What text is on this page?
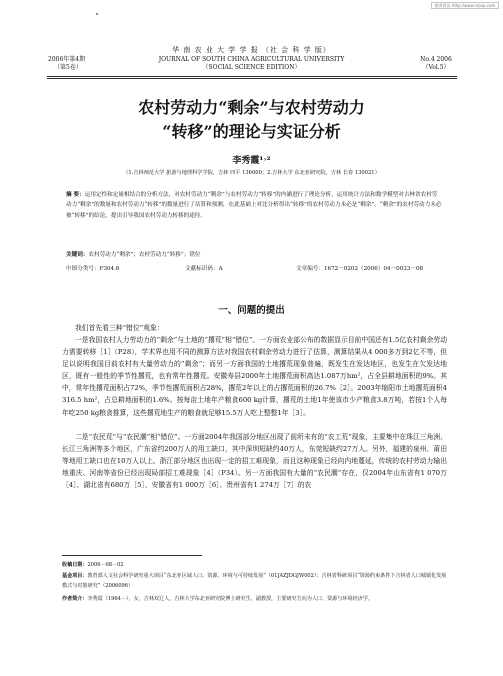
维普资讯 http://www.cqvip.com
华 南 农 业 大 学 学 报 （社 会 科 学 版）
2006年第4期
（第5卷）
JOURNAL OF SOUTH CHINA AGRICULTURAL UNIVERSITY
（SOCIAL SCIENCE EDITION）
No.4 2006
（Vol.5）
农村劳动力“剩余”与农村劳动力
“转移”的理论与实证分析
李秀霞¹˒²
（1.吉林师范大学 旅游与地理科学学院，吉林 四平 136000；2.吉林大学 东北亚研究院，吉林 长春 130021）
摘 要：运用定性和定量相结合的分析方法，对农村劳动力“剩余”与农村劳动力“转移”的内涵进行了理论分析，运用统计方法和数学模型对吉林省农村劳动力“剩余”的数量和农村劳动力“转移”的数量进行了估算和预测，在此基础上对比分析得出“转移”的农村劳动力未必是“剩余”，“剩余”的农村劳动力未必被“转移”的结论，提出引导我国农村劳动力转移的途径。
关键词：农村劳动力“剩余”；农村劳动力“转移”；错位
中图分类号：F304.6	文献标识码：A	文章编号：1672－0202（2006）04－0033－08
一、问题的提出
我们首先看三种“错位”观象：
一是我国农村人力劳动力的“剩余”与土地的“撂荒”相“错位”。一方面农业部公布的数据显示目前中国还有1.5亿农村剩余劳动力需要转移［1］（P28），学术界也用不同的测算方法对我国农村剩余劳动力进行了估算，测算结果从4 000多万到2亿不等，但足以说明我国目前农村有大量劳动力的“剩余”；而另一方面我国的土地撂荒现象普遍，既发生在发达地区，也发生在欠发达地区，既有一般性的季节性撂荒，也有常年性撂荒。安徽寿县2000年土地撂荒面积高达1.087万hm²，占全县耕地面积的9%。其中，常年性撂荒面积占72%，季节性撂荒面积占28%，撂荒2年以上的占撂荒面积的26.7%［2］。2003年缩阳市土地撂荒面积4 316.5 hm²，占总耕地面积的1.6%。按每亩土地年产粮食600 kg计算，撂荒的土地1年使该市少产粮食3.8万吨，若按1个人每年吃250 kg粮食推算，这些撂荒地生产的粮食就足够15.5万人吃上整整1年［3］。
二是“农民荒”与“农民潮”相“错位”。一方面2004年我国部分地区出现了前所未有的“农工荒”现象，主要集中在珠江三角洲、长江三角洲等多个地区，广东省约200万人的用工缺口，其中深圳短缺约40万人，东莞短缺约27万人。另外，福建的泉州、莆田等地用工缺口也在10万人以上。浙江部分地区也出现一定的招工难现象，而且这种现象已经向内地蔓延，传统的农村劳动力输出地重庆、河南等省份已经出现局部招工难现象［4］（P34）。另一方面我国有大量的“农民潮”存在，仅2004年山东省有1 070万［4］、湖北省有680万［5］、安徽省有1 000万［6］、贵州省有1 274万［7］的农
收稿日期：2006－08－02
基金项目：教育部人文社会科学研究重大项目“东北亚区域人口、资源、环境与可持续发展”（01JAZJDGJW002）；吉林省科研项目“资源约束条件下吉林省人口城镇化发展模式与对策研究”（2006096）
作者简介：李秀霞（1964－），女，吉林双辽人，吉林大学东北亚研究院博士研究生，副教授，主要研究方向为人口、资源与环境经济学。
